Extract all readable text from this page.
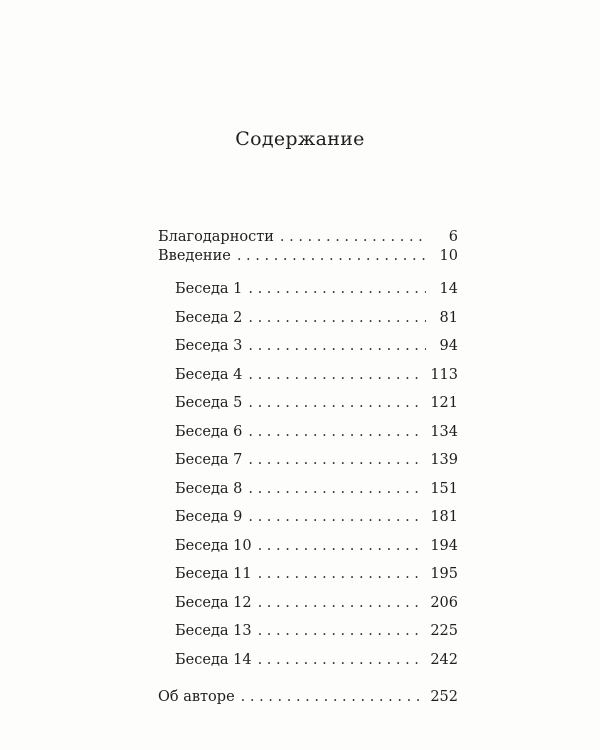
Содержание
Благодарности . . .	6
Введение . . .	10
Беседа 1 . . .	14
Беседа 2 . . .	81
Беседа 3 . . .	94
Беседа 4 . . .	113
Беседа 5 . . .	121
Беседа 6 . . .	134
Беседа 7 . . .	139
Беседа 8 . . .	151
Беседа 9 . . .	181
Беседа 10 . . .	194
Беседа 11 . . .	195
Беседа 12 . . .	206
Беседа 13 . . .	225
Беседа 14 . . .	242
Об авторе . . .	252
